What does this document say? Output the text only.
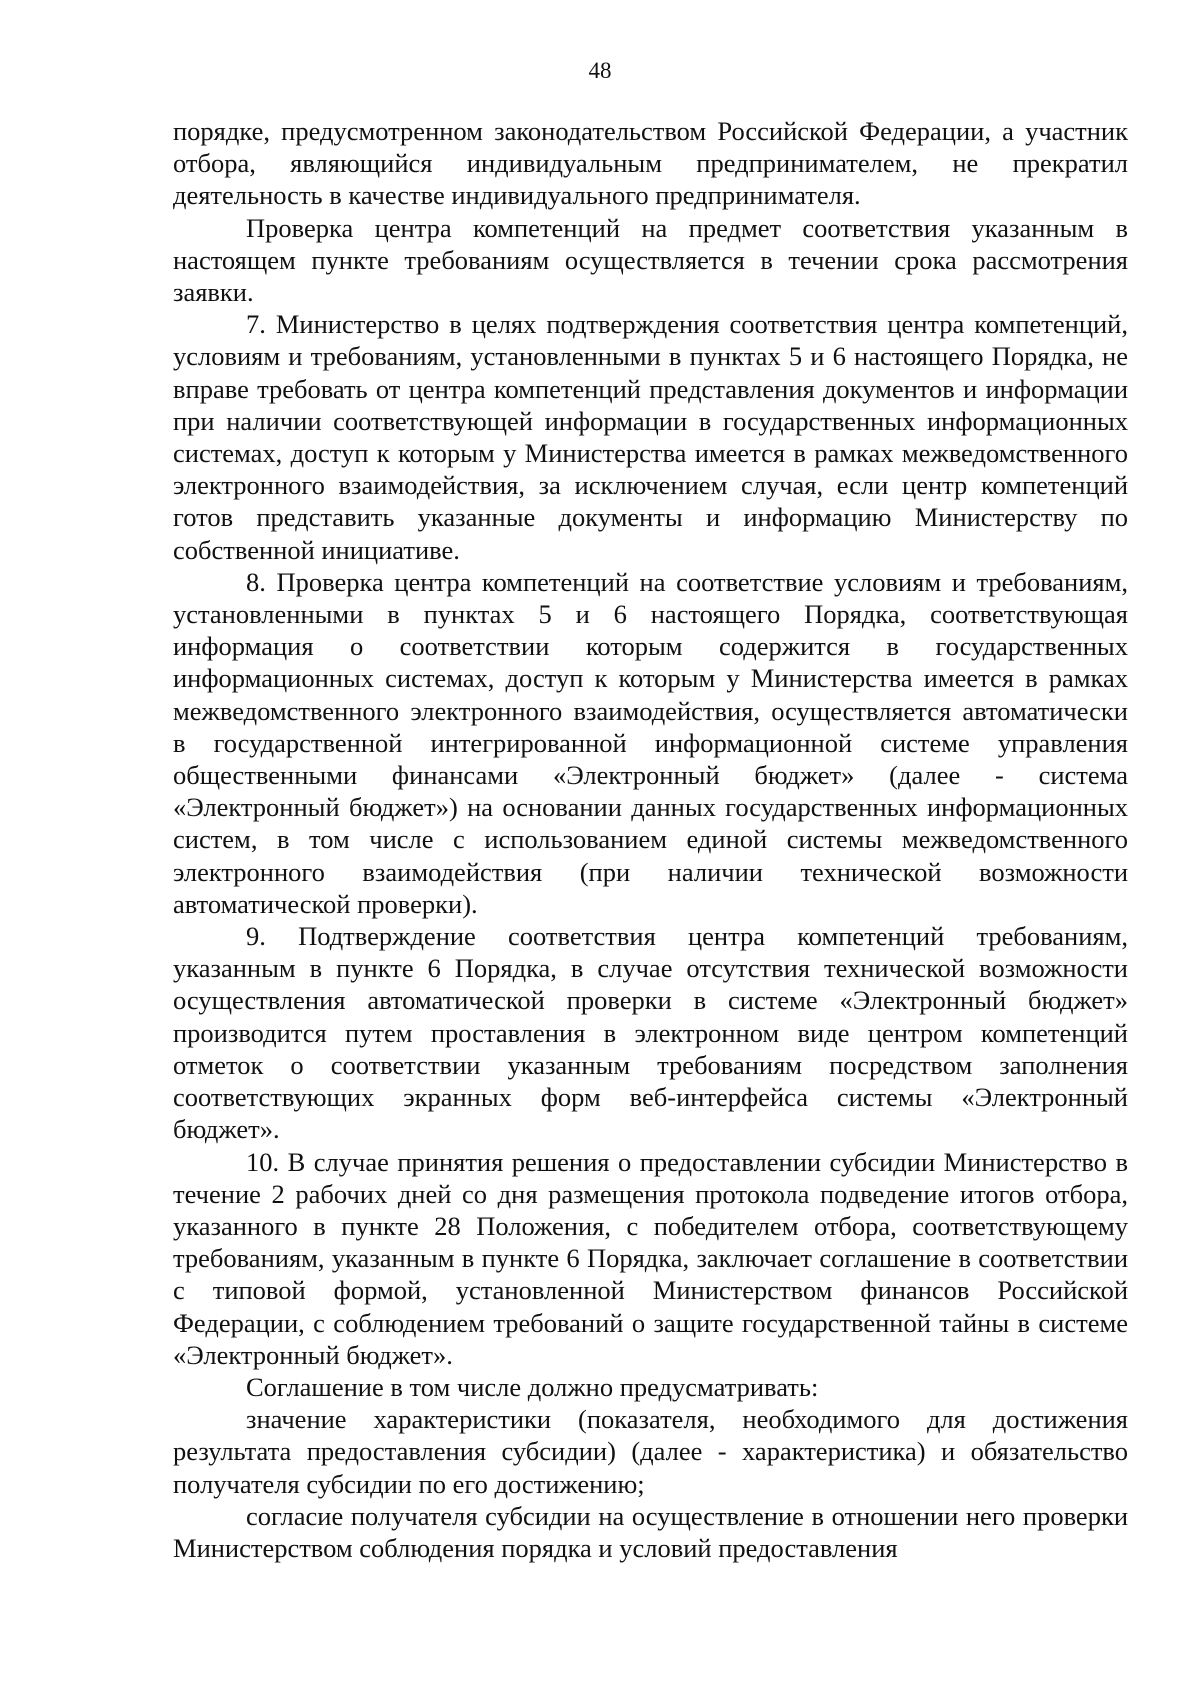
48

порядке, предусмотренном законодательством Российской Федерации, а участник отбора, являющийся индивидуальным предпринимателем, не прекратил деятельность в качестве индивидуального предпринимателя.

Проверка центра компетенций на предмет соответствия указанным в настоящем пункте требованиям осуществляется в течении срока рассмотрения заявки.

7. Министерство в целях подтверждения соответствия центра компетенций, условиям и требованиям, установленными в пунктах 5 и 6 настоящего Порядка, не вправе требовать от центра компетенций представления документов и информации при наличии соответствующей информации в государственных информационных системах, доступ к которым у Министерства имеется в рамках межведомственного электронного взаимодействия, за исключением случая, если центр компетенций готов представить указанные документы и информацию Министерству по собственной инициативе.

8. Проверка центра компетенций на соответствие условиям и требованиям, установленными в пунктах 5 и 6 настоящего Порядка, соответствующая информация о соответствии которым содержится в государственных информационных системах, доступ к которым у Министерства имеется в рамках межведомственного электронного взаимодействия, осуществляется автоматически в государственной интегрированной информационной системе управления общественными финансами «Электронный бюджет» (далее - система «Электронный бюджет») на основании данных государственных информационных систем, в том числе с использованием единой системы межведомственного электронного взаимодействия (при наличии технической возможности автоматической проверки).

9. Подтверждение соответствия центра компетенций требованиям, указанным в пункте 6 Порядка, в случае отсутствия технической возможности осуществления автоматической проверки в системе «Электронный бюджет» производится путем проставления в электронном виде центром компетенций отметок о соответствии указанным требованиям посредством заполнения соответствующих экранных форм веб-интерфейса системы «Электронный бюджет».

10. В случае принятия решения о предоставлении субсидии Министерство в течение 2 рабочих дней со дня размещения протокола подведение итогов отбора, указанного в пункте 28 Положения, с победителем отбора, соответствующему требованиям, указанным в пункте 6 Порядка, заключает соглашение в соответствии с типовой формой, установленной Министерством финансов Российской Федерации, с соблюдением требований о защите государственной тайны в системе «Электронный бюджет».

Соглашение в том числе должно предусматривать:

значение характеристики (показателя, необходимого для достижения результата предоставления субсидии) (далее - характеристика) и обязательство получателя субсидии по его достижению;

согласие получателя субсидии на осуществление в отношении него проверки Министерством соблюдения порядка и условий предоставления
